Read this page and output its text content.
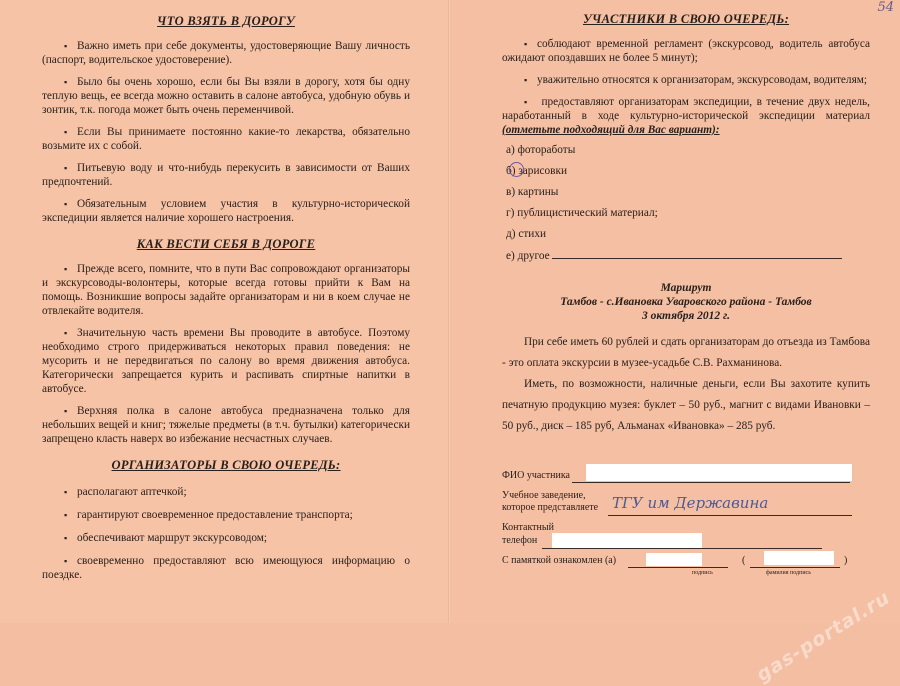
ЧТО ВЗЯТЬ В ДОРОГУ

▪ Важно иметь при себе документы, удостоверяющие Вашу личность (паспорт, водительское удостоверение).

▪ Было бы очень хорошо, если бы Вы взяли в дорогу, хотя бы одну теплую вещь, ее всегда можно оставить в салоне автобуса, удобную обувь и зонтик, т.к. погода может быть очень переменчивой.

▪ Если Вы принимаете постоянно какие-то лекарства, обязательно возьмите их с собой.

▪ Питьевую воду и что-нибудь перекусить в зависимости от Ваших предпочтений.

▪ Обязательным условием участия в культурно-исторической экспедиции является наличие хорошего настроения.

КАК ВЕСТИ СЕБЯ В ДОРОГЕ

▪ Прежде всего, помните, что в пути Вас сопровождают организаторы и экскурсоводы-волонтеры, которые всегда готовы прийти к Вам на помощь. Возникшие вопросы задайте организаторам и ни в коем случае не отвлекайте водителя.

▪ Значительную часть времени Вы проводите в автобусе. Поэтому необходимо строго придерживаться некоторых правил поведения: не мусорить и не передвигаться по салону во время движения автобуса. Категорически запрещается курить и распивать спиртные напитки в автобусе.

▪ Верхняя полка в салоне автобуса предназначена только для небольших вещей и книг; тяжелые предметы (в т.ч. бутылки) категорически запрещено класть наверх во избежание несчастных случаев.

ОРГАНИЗАТОРЫ В СВОЮ ОЧЕРЕДЬ:

▪ располагают аптечкой;

▪ гарантируют своевременное предоставление транспорта;

▪ обеспечивают маршрут экскурсоводом;

▪ своевременно предоставляют всю имеющуюся информацию о поездке.

54
УЧАСТНИКИ В СВОЮ ОЧЕРЕДЬ:

▪ соблюдают временной регламент (экскурсовод, водитель автобуса ожидают опоздавших не более 5 минут);

▪ уважительно относятся к организаторам, экскурсоводам, водителям;

▪ предоставляют организаторам экспедиции, в течение двух недель, наработанный в ходе культурно-исторической экспедиции материал (отметьте подходящий для Вас вариант):

а) фотоработы
б) зарисовки
в) картины
г) публицистический материал;
д) стихи
е) другое

Маршрут

Тамбов - с.Ивановка Уваровского района - Тамбов

3 октября 2012 г.

При себе иметь 60 рублей и сдать организаторам до отъезда из Тамбова - это оплата экскурсии в музее-усадьбе С.В. Рахманинова.

Иметь, по возможности, наличные деньги, если Вы захотите купить печатную продукцию музея: буклет – 50 руб., магнит с видами Ивановки – 50 руб., диск – 185 руб, Альманах «Ивановка» – 285 руб.

ФИО участника
Учебное заведение,
которое представляете ТГУ им Державина
Контактный
телефон
С памяткой ознакомлен (а)	(	)
подпись	фамилия подпись
gas-portal.ru
